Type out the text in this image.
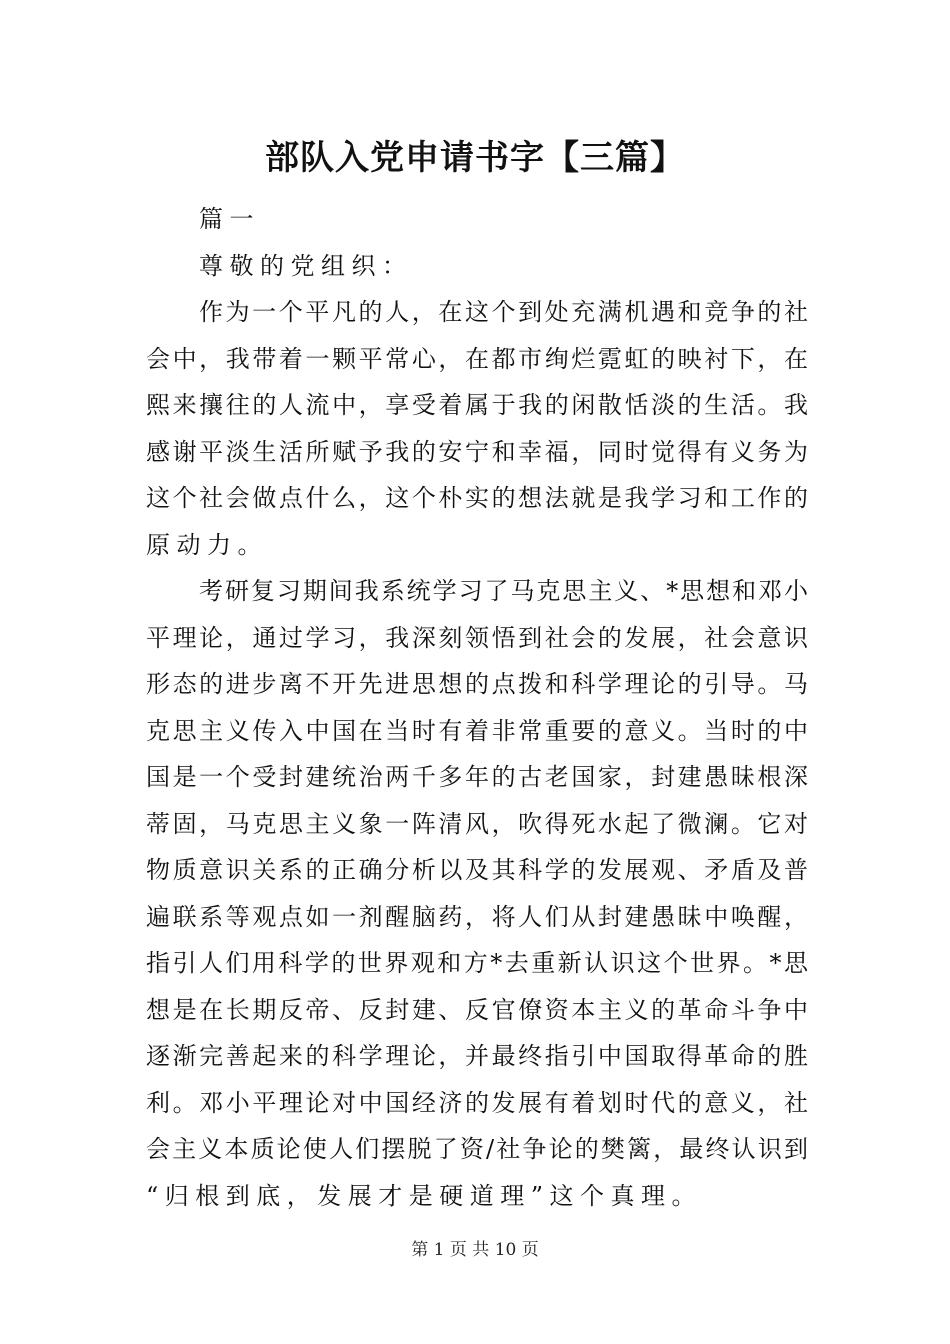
部队入党申请书字【三篇】
篇一
尊敬的党组织：
作为一个平凡的人，在这个到处充满机遇和竞争的社
会中，我带着一颗平常心，在都市绚烂霓虹的映衬下，在
熙来攘往的人流中，享受着属于我的闲散恬淡的生活。我
感谢平淡生活所赋予我的安宁和幸福，同时觉得有义务为
这个社会做点什么，这个朴实的想法就是我学习和工作的
原动力。
考研复习期间我系统学习了马克思主义、*思想和邓小
平理论，通过学习，我深刻领悟到社会的发展，社会意识
形态的进步离不开先进思想的点拨和科学理论的引导。马
克思主义传入中国在当时有着非常重要的意义。当时的中
国是一个受封建统治两千多年的古老国家，封建愚昧根深
蒂固，马克思主义象一阵清风，吹得死水起了微澜。它对
物质意识关系的正确分析以及其科学的发展观、矛盾及普
遍联系等观点如一剂醒脑药，将人们从封建愚昧中唤醒，
指引人们用科学的世界观和方*去重新认识这个世界。*思
想是在长期反帝、反封建、反官僚资本主义的革命斗争中
逐渐完善起来的科学理论，并最终指引中国取得革命的胜
利。邓小平理论对中国经济的发展有着划时代的意义，社
会主义本质论使人们摆脱了资/社争论的樊篱，最终认识到
“归根到底，发展才是硬道理”这个真理。
第 1 页 共 10 页
